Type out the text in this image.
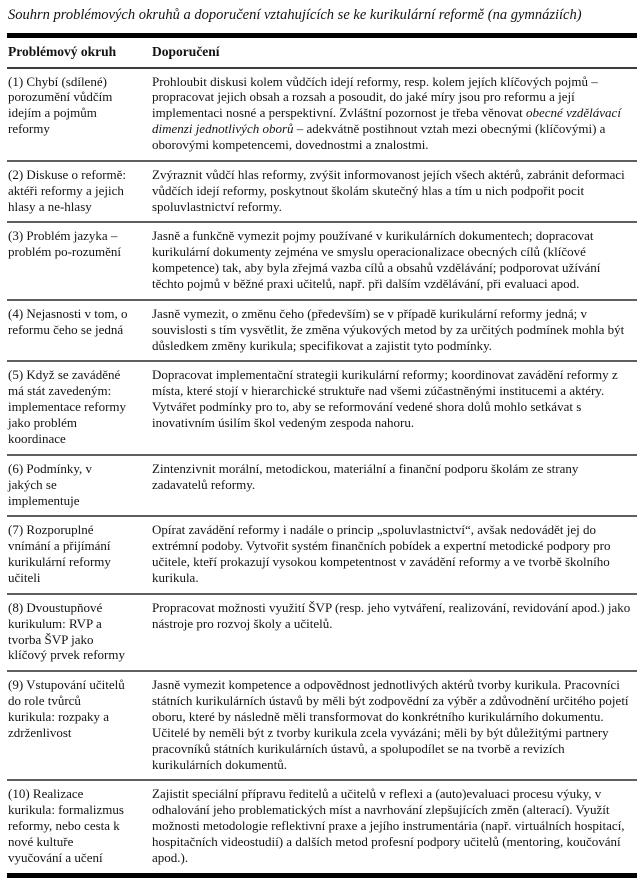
Souhrn problémových okruhů a doporučení vztahujících se ke kurikulární reformě (na gymnáziích)
Problémový okruh	Doporučení
(1) Chybí (sdílené) porozumění vůdčím idejím a pojmům reformy	Prohloubit diskusi kolem vůdčích idejí reformy, resp. kolem jejích klíčových pojmů – propracovat jejich obsah a rozsah a posoudit, do jaké míry jsou pro reformu a její implementaci nosné a perspektivní. Zvláštní pozornost je třeba věnovat obecné vzdělávací dimenzi jednotlivých oborů – adekvátně postihnout vztah mezi obecnými (klíčovými) a oborovými kompetencemi, dovednostmi a znalostmi.
(2) Diskuse o reformě: aktéři reformy a jejich hlasy a ne-hlasy	Zvýraznit vůdčí hlas reformy, zvýšit informovanost jejích všech aktérů, zabránit deformaci vůdčích idejí reformy, poskytnout školám skutečný hlas a tím u nich podpořit pocit spoluvlastnictví reformy.
(3) Problém jazyka – problém po-rozumění	Jasně a funkčně vymezit pojmy používané v kurikulárních dokumentech; dopracovat kurikulární dokumenty zejména ve smyslu operacionalizace obecných cílů (klíčové kompetence) tak, aby byla zřejmá vazba cílů a obsahů vzdělávání; podporovat užívání těchto pojmů v běžné praxi učitelů, např. při dalším vzdělávání, při evaluaci apod.
(4) Nejasnosti v tom, o reformu čeho se jedná	Jasně vymezit, o změnu čeho (především) se v případě kurikulární reformy jedná; v souvislosti s tím vysvětlit, že změna výukových metod by za určitých podmínek mohla být důsledkem změny kurikula; specifikovat a zajistit tyto podmínky.
(5) Když se zaváděné má stát zavedeným: implementace reformy jako problém koordinace	Dopracovat implementační strategii kurikulární reformy; koordinovat zavádění reformy z místa, které stojí v hierarchické struktuře nad všemi zúčastněnými institucemi a aktéry. Vytvářet podmínky pro to, aby se reformování vedené shora dolů mohlo setkávat s inovativním úsilím škol vedeným zespoda nahoru.
(6) Podmínky, v jakých se implementuje	Zintenzivnit morální, metodickou, materiální a finanční podporu školám ze strany zadavatelů reformy.
(7) Rozporuplné vnímání a přijímání kurikulární reformy učiteli	Opírat zavádění reformy i nadále o princip „spoluvlastnictví“, avšak nedovádět jej do extrémní podoby. Vytvořit systém finančních pobídek a expertní metodické podpory pro učitele, kteří prokazují vysokou kompetentnost v zavádění reformy a ve tvorbě školního kurikula.
(8) Dvoustupňové kurikulum: RVP a tvorba ŠVP jako klíčový prvek reformy	Propracovat možnosti využití ŠVP (resp. jeho vytváření, realizování, revidování apod.) jako nástroje pro rozvoj školy a učitelů.
(9) Vstupování učitelů do role tvůrců kurikula: rozpaky a zdrženlivost	Jasně vymezit kompetence a odpovědnost jednotlivých aktérů tvorby kurikula. Pracovníci státních kurikulárních ústavů by měli být zodpovědní za výběr a zdůvodnění určitého pojetí oboru, které by následně měli transformovat do konkrétního kurikulárního dokumentu. Učitelé by neměli být z tvorby kurikula zcela vyvázáni; měli by být důležitými partnery pracovníků státních kurikulárních ústavů, a spolupodílet se na tvorbě a revizích kurikulárních dokumentů.
(10) Realizace kurikula: formalizmus reformy, nebo cesta k nové kultuře vyučování a učení	Zajistit speciální přípravu ředitelů a učitelů v reflexi a (auto)evaluaci procesu výuky, v odhalování jeho problematických míst a navrhování zlepšujících změn (alterací). Využít možnosti metodologie reflektivní praxe a jejího instrumentária (např. virtuálních hospitací, hospitačních videostudií) a dalších metod profesní podpory učitelů (mentoring, koučování apod.).
